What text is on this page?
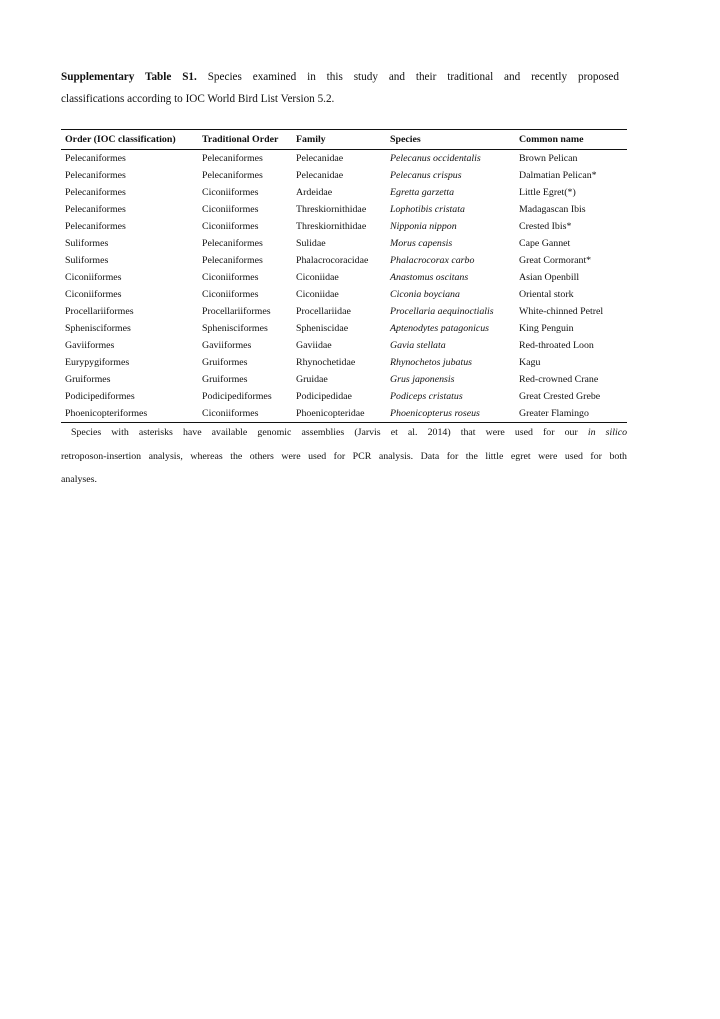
Supplementary Table S1. Species examined in this study and their traditional and recently proposed
classifications according to IOC World Bird List Version 5.2.
Order (IOC classification)	Traditional Order	Family	Species	Common name
Pelecaniformes	Pelecaniformes	Pelecanidae	Pelecanus occidentalis	Brown Pelican
Pelecaniformes	Pelecaniformes	Pelecanidae	Pelecanus crispus	Dalmatian Pelican*
Pelecaniformes	Ciconiiformes	Ardeidae	Egretta garzetta	Little Egret(*)
Pelecaniformes	Ciconiiformes	Threskiornithidae	Lophotibis cristata	Madagascan Ibis
Pelecaniformes	Ciconiiformes	Threskiornithidae	Nipponia nippon	Crested Ibis*
Suliformes	Pelecaniformes	Sulidae	Morus capensis	Cape Gannet
Suliformes	Pelecaniformes	Phalacrocoracidae	Phalacrocorax carbo	Great Cormorant*
Ciconiiformes	Ciconiiformes	Ciconiidae	Anastomus oscitans	Asian Openbill
Ciconiiformes	Ciconiiformes	Ciconiidae	Ciconia boyciana	Oriental stork
Procellariiformes	Procellariiformes	Procellariidae	Procellaria aequinoctialis	White-chinned Petrel
Sphenisciformes	Sphenisciformes	Spheniscidae	Aptenodytes patagonicus	King Penguin
Gaviiformes	Gaviiformes	Gaviidae	Gavia stellata	Red-throated Loon
Eurypygiformes	Gruiformes	Rhynochetidae	Rhynochetos jubatus	Kagu
Gruiformes	Gruiformes	Gruidae	Grus japonensis	Red-crowned Crane
Podicipediformes	Podicipediformes	Podicipedidae	Podiceps cristatus	Great Crested Grebe
Phoenicopteriformes	Ciconiiformes	Phoenicopteridae	Phoenicopterus roseus	Greater Flamingo
Species with asterisks have available genomic assemblies (Jarvis et al. 2014) that were used for our in silico
retroposon-insertion analysis, whereas the others were used for PCR analysis. Data for the little egret were used for both
analyses.
